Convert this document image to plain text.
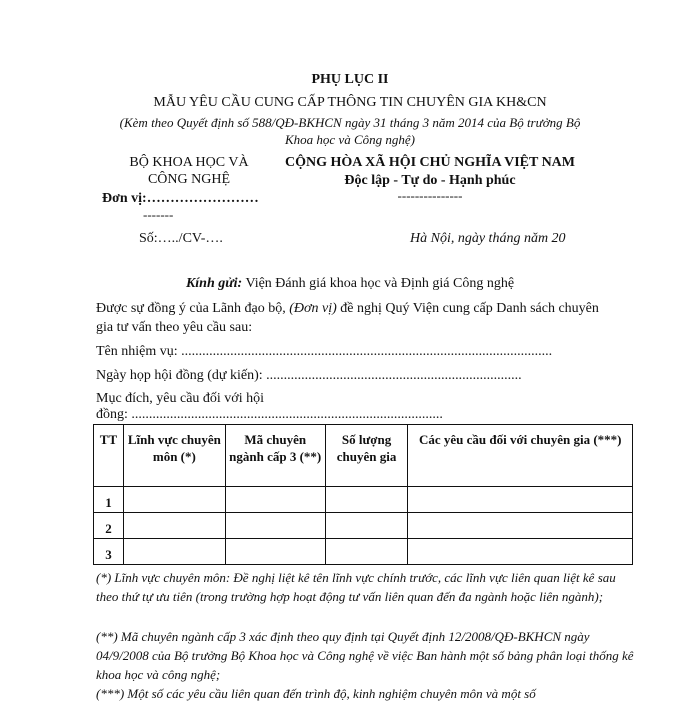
PHỤ LỤC II
MẪU YÊU CẦU CUNG CẤP THÔNG TIN CHUYÊN GIA KH&CN
(Kèm theo Quyết định số 588/QĐ-BKHCN ngày 31 tháng 3 năm 2014 của Bộ trưởng Bộ
Khoa học và Công nghệ)
BỘ KHOA HỌC VÀ
CÔNG NGHỆ
Đơn vị:……………………
-------
Số:…../CV-….
CỘNG HÒA XÃ HỘI CHỦ NGHĨA VIỆT NAM
Độc lập - Tự do - Hạnh phúc
---------------
Hà Nội, ngày tháng năm 20
Kính gửi: Viện Đánh giá khoa học và Định giá Công nghệ
Được sự đồng ý của Lãnh đạo bộ, (Đơn vị) đề nghị Quý Viện cung cấp Danh sách chuyên
gia tư vấn theo yêu cầu sau:
Tên nhiệm vụ: ..........................................................................................................
Ngày họp hội đồng (dự kiến): .........................................................................
Mục đích, yêu cầu đối với hội
đồng: .........................................................................................
TT	Lĩnh vực chuyên môn (*)	Mã chuyên ngành cấp 3 (**)	Số lượng chuyên gia	Các yêu cầu đối với chuyên gia (***)
1				
2				
3				
(*) Lĩnh vực chuyên môn: Đề nghị liệt kê tên lĩnh vực chính trước, các lĩnh vực liên quan liệt kê sau theo thứ tự ưu tiên (trong trường hợp hoạt động tư vấn liên quan đến đa ngành hoặc liên ngành);
(**) Mã chuyên ngành cấp 3 xác định theo quy định tại Quyết định 12/2008/QĐ-BKHCN ngày 04/9/2008 của Bộ trưởng Bộ Khoa học và Công nghệ về việc Ban hành một số bảng phân loại thống kê khoa học và công nghệ;
(***) Một số các yêu cầu liên quan đến trình độ, kinh nghiệm chuyên môn và một số
